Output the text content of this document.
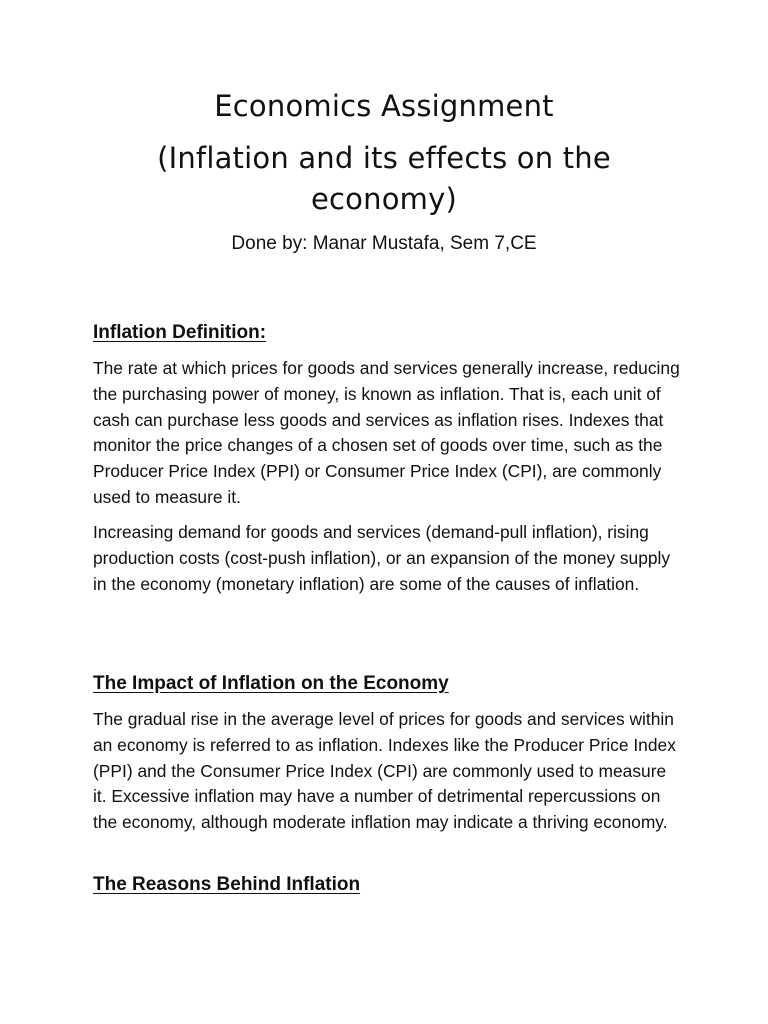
Economics Assignment
(Inflation and its effects on the
economy)

Done by: Manar Mustafa, Sem 7,CE

Inflation Definition:

The rate at which prices for goods and services generally increase, reducing the purchasing power of money, is known as inflation. That is, each unit of cash can purchase less goods and services as inflation rises. Indexes that monitor the price changes of a chosen set of goods over time, such as the Producer Price Index (PPI) or Consumer Price Index (CPI), are commonly used to measure it.

Increasing demand for goods and services (demand-pull inflation), rising production costs (cost-push inflation), or an expansion of the money supply in the economy (monetary inflation) are some of the causes of inflation.

The Impact of Inflation on the Economy

The gradual rise in the average level of prices for goods and services within an economy is referred to as inflation. Indexes like the Producer Price Index (PPI) and the Consumer Price Index (CPI) are commonly used to measure it. Excessive inflation may have a number of detrimental repercussions on the economy, although moderate inflation may indicate a thriving economy.

The Reasons Behind Inflation
